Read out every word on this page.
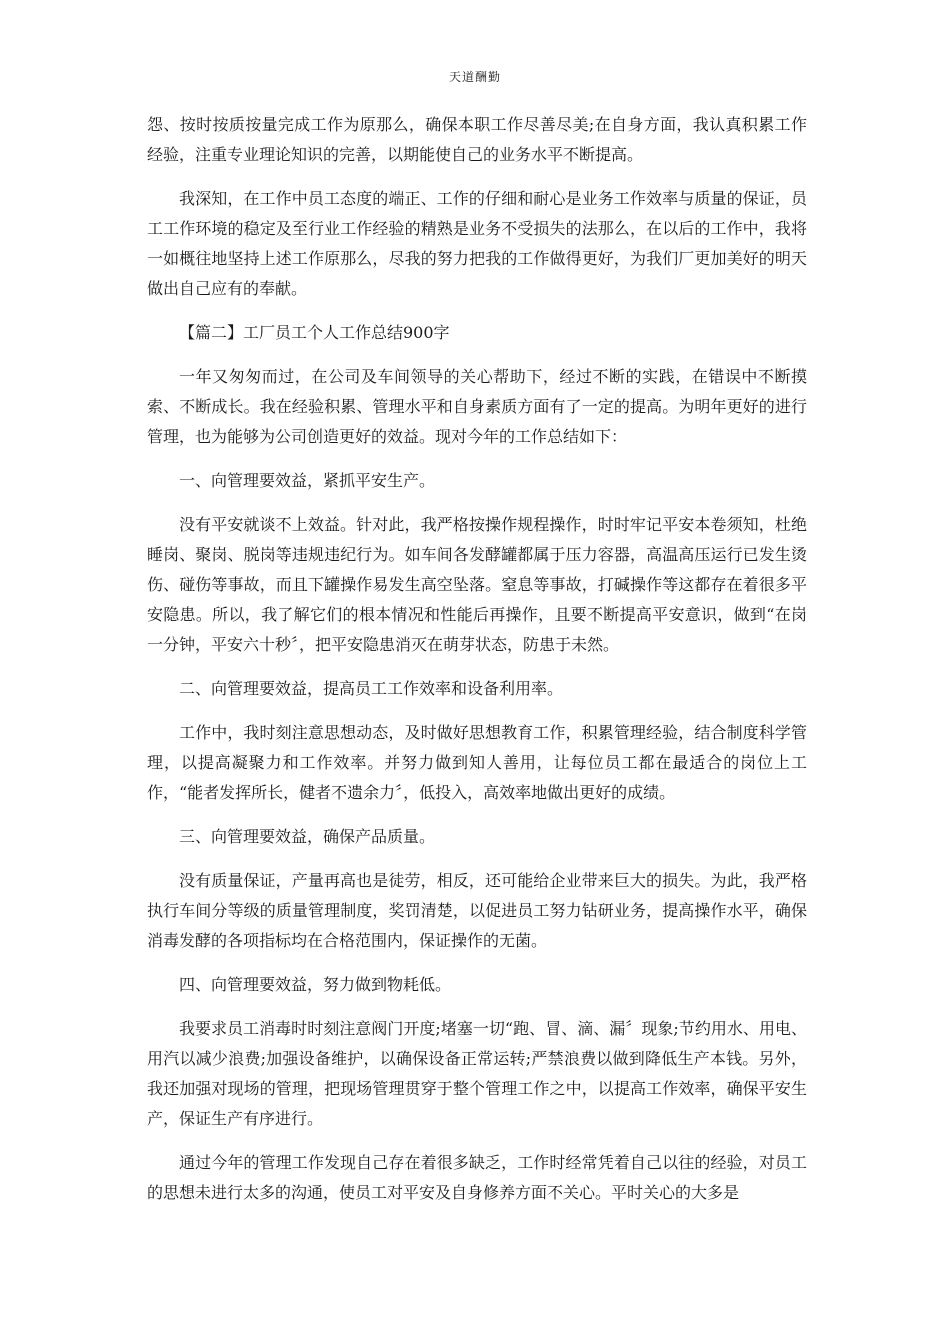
天道酬勤

怨、按时按质按量完成工作为原那么，确保本职工作尽善尽美;在自身方面，我认真积累工作经验，注重专业理论知识的完善，以期能使自己的业务水平不断提高。

我深知，在工作中员工态度的端正、工作的仔细和耐心是业务工作效率与质量的保证，员工工作环境的稳定及至行业工作经验的精熟是业务不受损失的法那么，在以后的工作中，我将一如概往地坚持上述工作原那么，尽我的努力把我的工作做得更好，为我们厂更加美好的明天做出自己应有的奉献。

【篇二】工厂员工个人工作总结900字

一年又匆匆而过，在公司及车间领导的关心帮助下，经过不断的实践，在错误中不断摸索、不断成长。我在经验积累、管理水平和自身素质方面有了一定的提高。为明年更好的进行管理，也为能够为公司创造更好的效益。现对今年的工作总结如下：

一、向管理要效益，紧抓平安生产。

没有平安就谈不上效益。针对此，我严格按操作规程操作，时时牢记平安本卷须知，杜绝睡岗、聚岗、脱岗等违规违纪行为。如车间各发酵罐都属于压力容器，高温高压运行已发生烫伤、碰伤等事故，而且下罐操作易发生高空坠落。窒息等事故，打碱操作等这都存在着很多平安隐患。所以，我了解它们的根本情况和性能后再操作，且要不断提高平安意识，做到“在岗一分钟，平安六十秒〞，把平安隐患消灭在萌芽状态，防患于未然。

二、向管理要效益，提高员工工作效率和设备利用率。

工作中，我时刻注意思想动态，及时做好思想教育工作，积累管理经验，结合制度科学管理，以提高凝聚力和工作效率。并努力做到知人善用，让每位员工都在最适合的岗位上工作，“能者发挥所长，健者不遗余力〞，低投入，高效率地做出更好的成绩。

三、向管理要效益，确保产品质量。

没有质量保证，产量再高也是徒劳，相反，还可能给企业带来巨大的损失。为此，我严格执行车间分等级的质量管理制度，奖罚清楚，以促进员工努力钻研业务，提高操作水平，确保消毒发酵的各项指标均在合格范围内，保证操作的无菌。

四、向管理要效益，努力做到物耗低。

我要求员工消毒时时刻注意阀门开度;堵塞一切“跑、冒、滴、漏〞现象;节约用水、用电、用汽以减少浪费;加强设备维护，以确保设备正常运转;严禁浪费以做到降低生产本钱。另外，我还加强对现场的管理，把现场管理贯穿于整个管理工作之中，以提高工作效率，确保平安生产，保证生产有序进行。

通过今年的管理工作发现自己存在着很多缺乏，工作时经常凭着自己以往的经验，对员工的思想未进行太多的沟通，使员工对平安及自身修养方面不关心。平时关心的大多是
